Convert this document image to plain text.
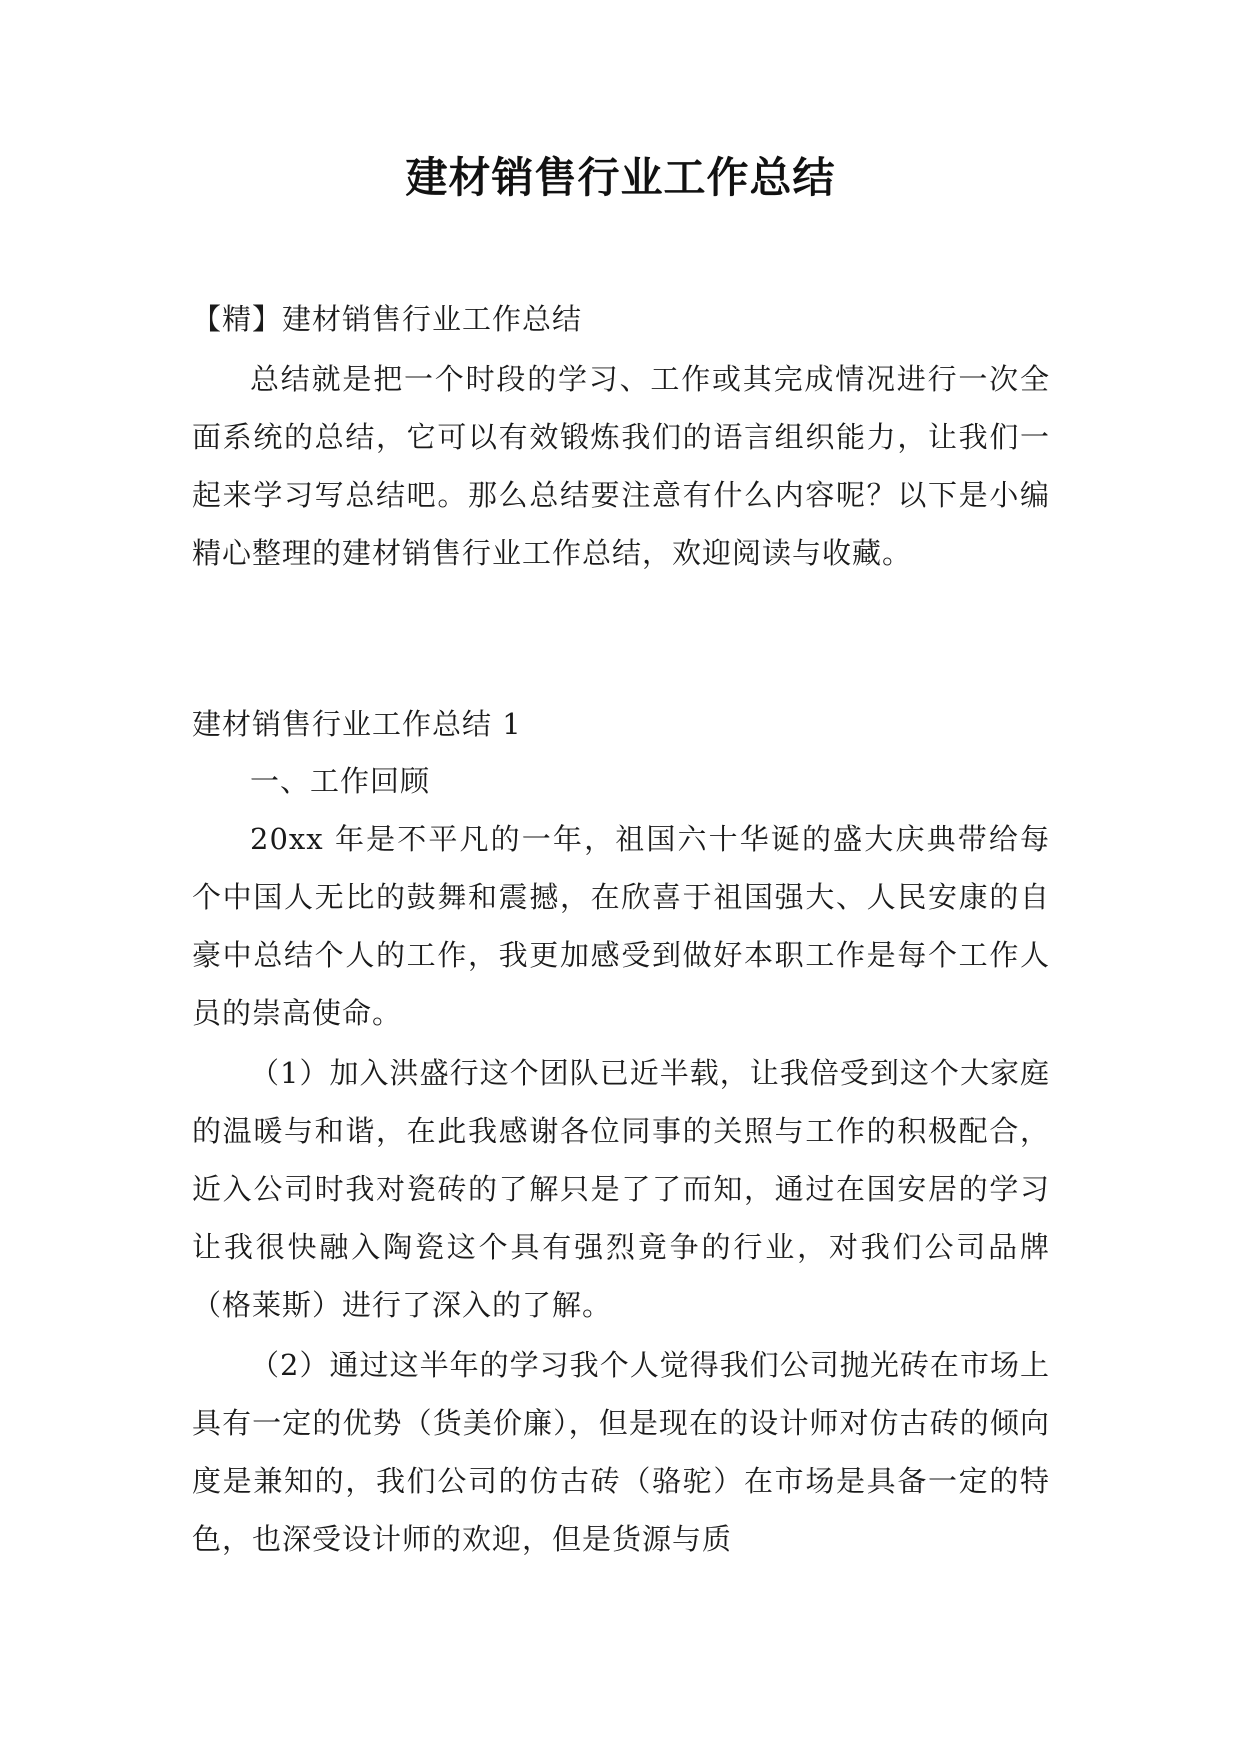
建材销售行业工作总结

【精】建材销售行业工作总结

总结就是把一个时段的学习、工作或其完成情况进行一次全面系统的总结，它可以有效锻炼我们的语言组织能力，让我们一起来学习写总结吧。那么总结要注意有什么内容呢？以下是小编精心整理的建材销售行业工作总结，欢迎阅读与收藏。

建材销售行业工作总结 1

一、工作回顾

20xx 年是不平凡的一年，祖国六十华诞的盛大庆典带给每个中国人无比的鼓舞和震撼，在欣喜于祖国强大、人民安康的自豪中总结个人的工作，我更加感受到做好本职工作是每个工作人员的崇高使命。

（1）加入洪盛行这个团队已近半载，让我倍受到这个大家庭的温暖与和谐，在此我感谢各位同事的关照与工作的积极配合，近入公司时我对瓷砖的了解只是了了而知，通过在国安居的学习让我很快融入陶瓷这个具有强烈竟争的行业，对我们公司品牌（格莱斯）进行了深入的了解。

（2）通过这半年的学习我个人觉得我们公司抛光砖在市场上具有一定的优势（货美价廉），但是现在的设计师对仿古砖的倾向度是兼知的，我们公司的仿古砖（骆驼）在市场是具备一定的特色，也深受设计师的欢迎，但是货源与质
